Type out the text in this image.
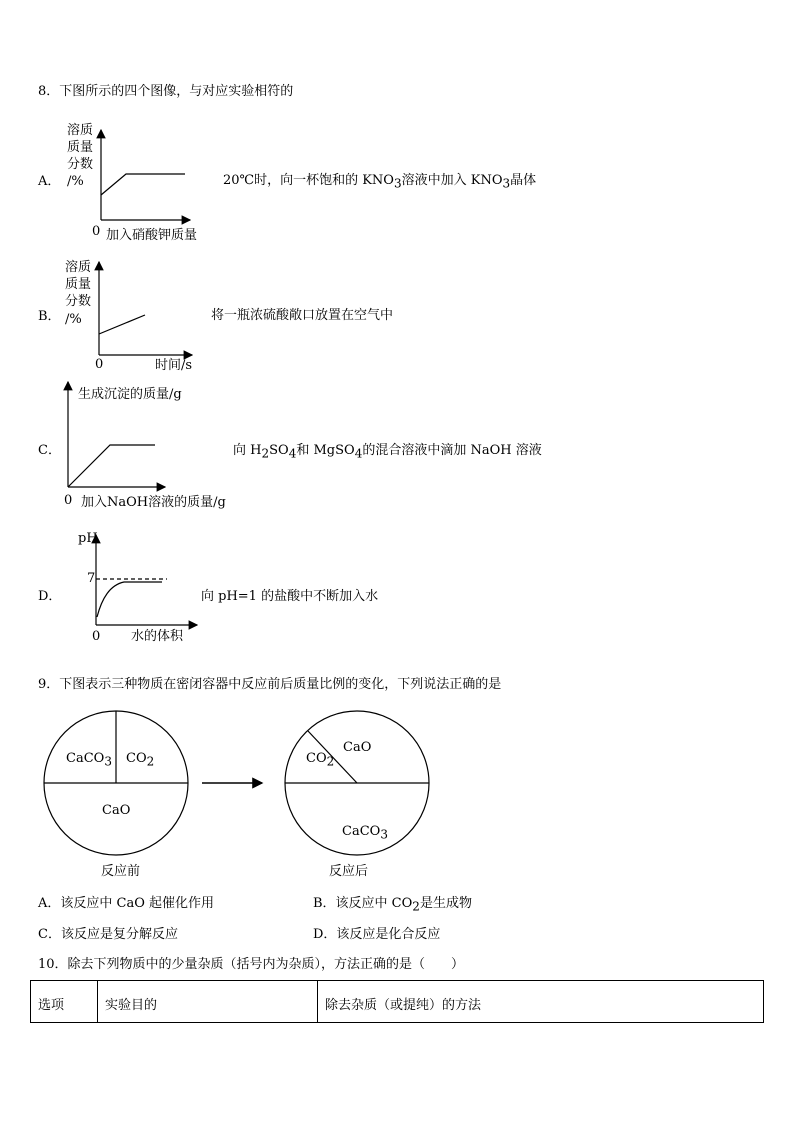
8．下图所示的四个图像，与对应实验相符的
A．
溶质
质量
分数
/%
0 加入硝酸钾质量
20℃时，向一杯饱和的 $KNO_3$溶液中加入 $KNO_3$晶体
B．
溶质
质量
分数
/%
0	时间/s
将一瓶浓硫酸敞口放置在空气中
C．
生成沉淀的质量/g
0 加入NaOH溶液的质量/g
向 $H_2SO_4$和 MgSO$_4$的混合溶液中滴加 NaOH 溶液
D．
pH
7
0 水的体积
向 pH=1 的盐酸中不断加入水
9．下图表示三种物质在密闭容器中反应前后质量比例的变化，下列说法正确的是
CaCO$_3$ $CO_2$
CaO
反应前
CaO
$CO_2$
CaCO$_3$
反应后
A．该反应中 CaO 起催化作用	B．该反应中 $CO_2$是生成物
C．该反应是复分解反应	D．该反应是化合反应
10．除去下列物质中的少量杂质（括号内为杂质），方法正确的是（　　）
选项	实验目的	除去杂质（或提纯）的方法
